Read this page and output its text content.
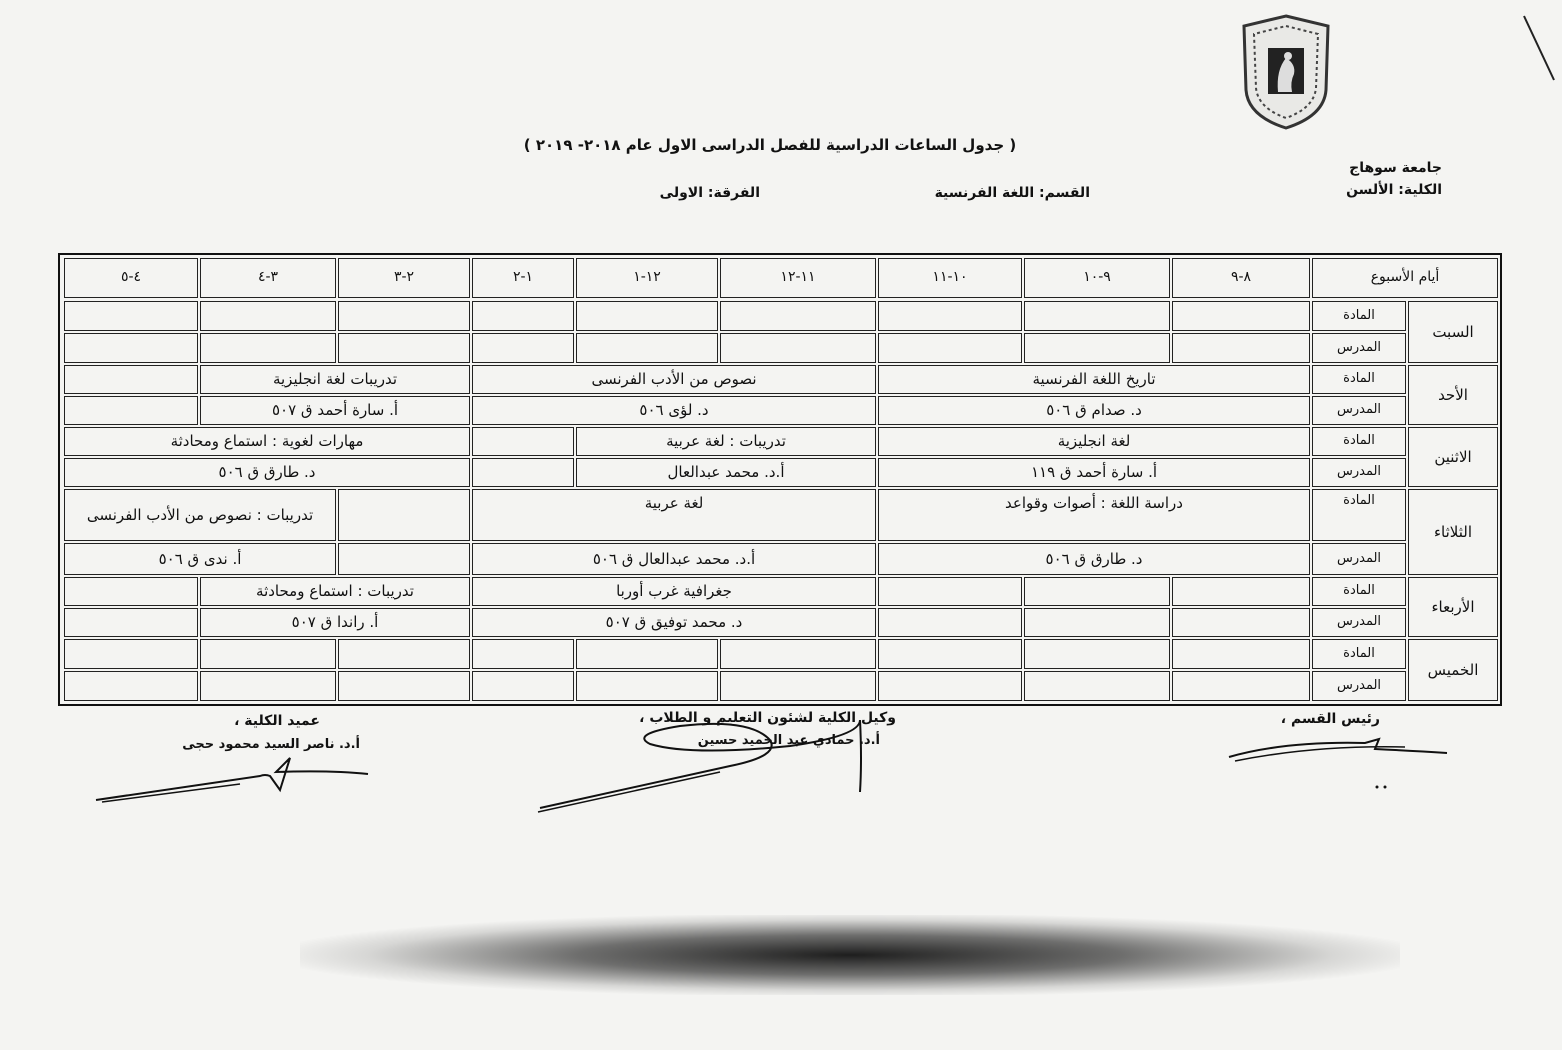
( جدول الساعات الدراسية للفصل الدراسى الاول عام ٢٠١٨- ٢٠١٩ )
جامعة سوهاج
الكلية: الألسن
القسم: اللغة الفرنسية
الفرقة: الاولى
أيام الأسبوع
٨-٩
٩-١٠
١٠-١١
١١-١٢
١٢-١
١-٢
٢-٣
٣-٤
٤-٥
السبت
الأحد
الاثنين
الثلاثاء
الأربعاء
الخميس
المادة
المدرس
المادة
المدرس
المادة
المدرس
المادة
المدرس
المادة
المدرس
المادة
المدرس
تاريخ اللغة الفرنسية
د. صدام ق ٥٠٦
نصوص من الأدب الفرنسى
د. لؤى ٥٠٦
تدريبات لغة انجليزية
أ. سارة أحمد ق ٥٠٧
لغة انجليزية
أ. سارة أحمد ق ١١٩
تدريبات : لغة عربية
أ.د. محمد عبدالعال
مهارات لغوية : استماع ومحادثة
د. طارق ق ٥٠٦
دراسة اللغة : أصوات وقواعد
د. طارق ق ٥٠٦
لغة عربية
أ.د. محمد عبدالعال ق ٥٠٦
تدريبات : نصوص من الأدب الفرنسى
أ. ندى ق ٥٠٦
جغرافية غرب أوربا
د. محمد توفيق ق ٥٠٧
تدريبات : استماع ومحادثة
أ. راندا ق ٥٠٧
رئيس القسم ،
وكيل الكلية لشئون التعليم و الطلاب ،
أ.د. حمادي عبد الحميد حسين
عميد الكلية ،
أ.د. ناصر السيد محمود حجى
